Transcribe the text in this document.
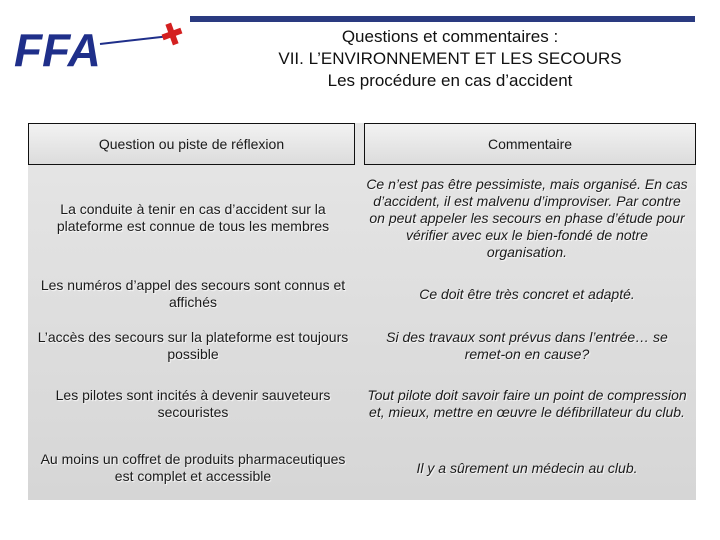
FFA	Questions et commentaires :
VII. L’ENVIRONNEMENT ET LES SECOURS
Les procédure en cas d’accident
Question ou piste de réflexion	Commentaire
La conduite à tenir en cas d’accident sur la plateforme est connue de tous les membres
Ce n’est pas être pessimiste, mais organisé. En cas d’accident, il est malvenu d’improviser. Par contre on peut appeler les secours en phase d’étude pour vérifier avec eux le bien-fondé de notre organisation.
Les numéros d’appel des secours sont connus et affichés
Ce doit être très concret et adapté.
L’accès des secours sur la plateforme est toujours possible
Si des travaux sont prévus dans l’entrée… se remet-on en cause?
Les pilotes sont incités à devenir sauveteurs secouristes
Tout pilote doit savoir faire un point de compression et, mieux, mettre en œuvre le défibrillateur du club.
Au moins un coffret de produits pharmaceutiques est complet et accessible
Il y a sûrement un médecin au club.
